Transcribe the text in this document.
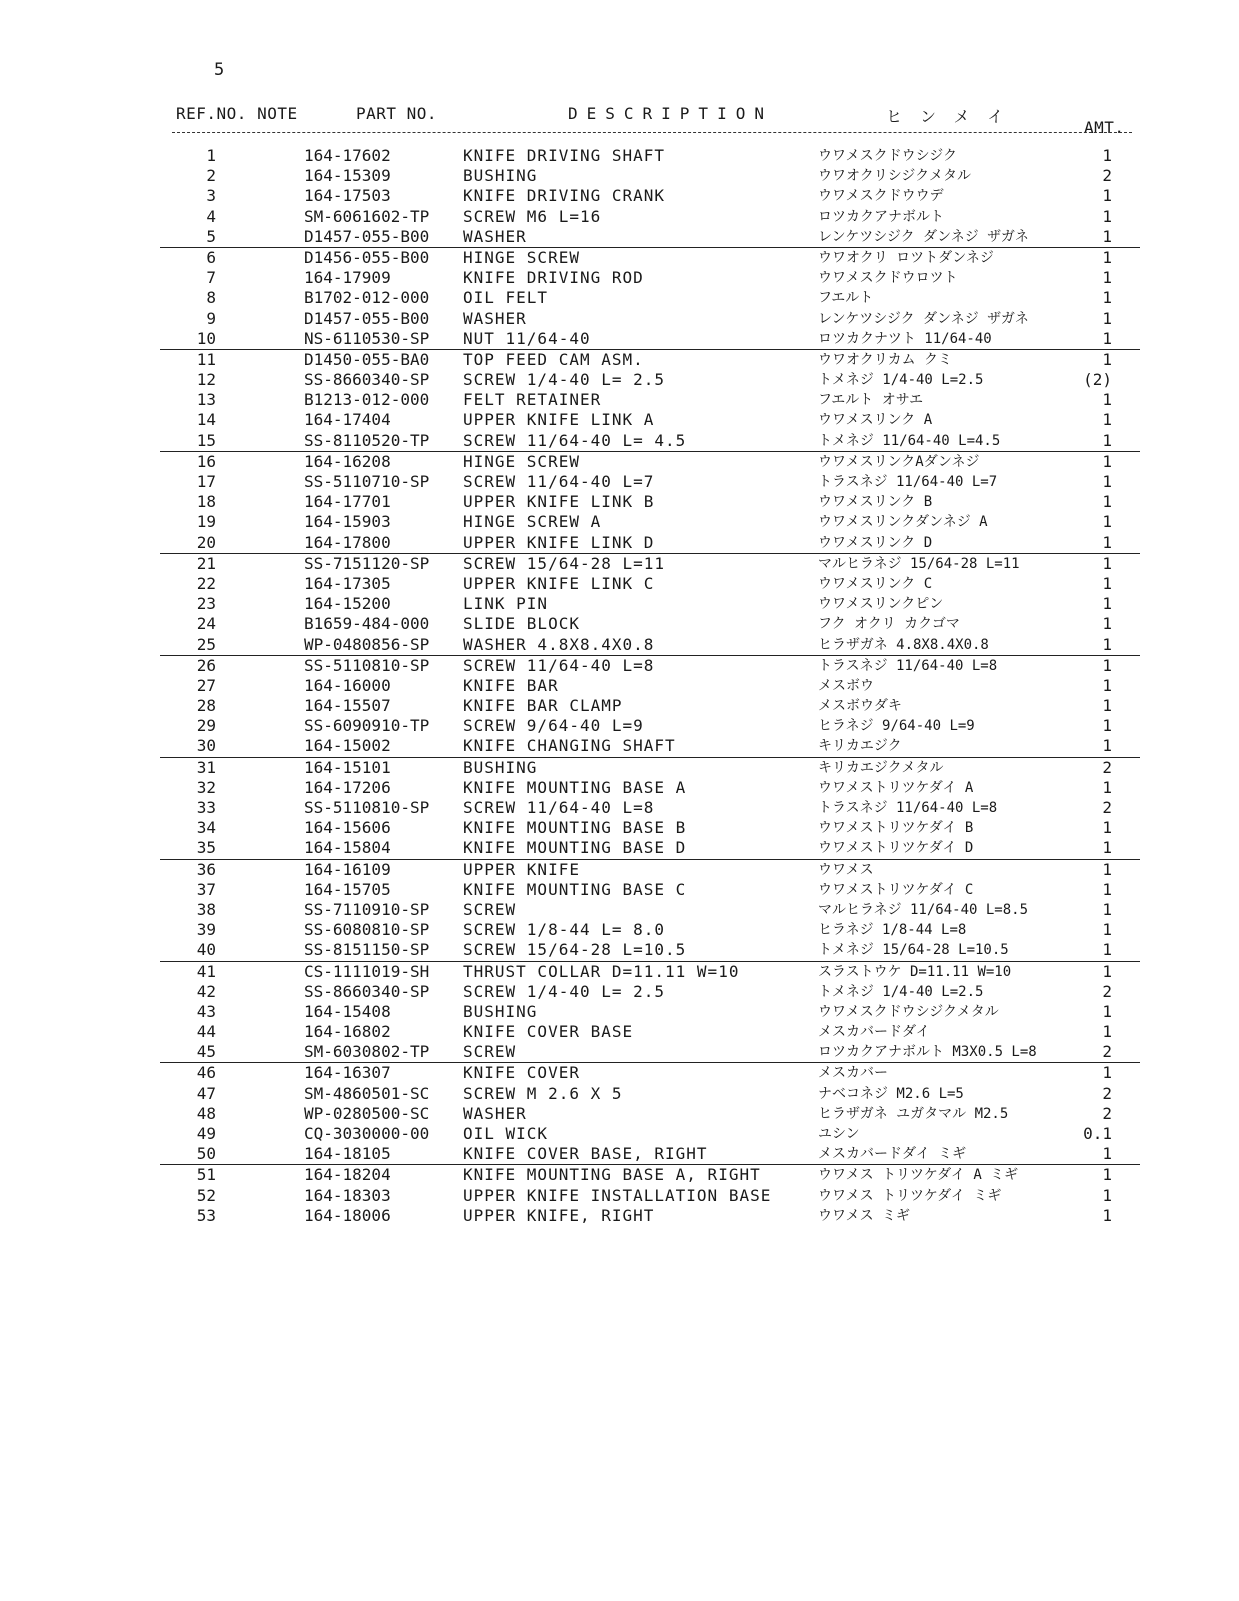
5
REF.NO. NOTE	PART NO.	DESCRIPTION	ヒンメイ
AMT.
1	164-17602	KNIFE DRIVING SHAFT	ウワメスクドウシジク	1
2	164-15309	BUSHING	ウワオクリシジクメタル	2
3	164-17503	KNIFE DRIVING CRANK	ウワメスクドウウデ	1
4	SM-6061602-TP SCREW M6 L=16	ロツカクアナボルト	1
5	D1457-055-B00 WASHER	レンケツシジク ダンネジ ザガネ	1
6	D1456-055-B00 HINGE SCREW	ウワオクリ ロツトダンネジ	1
7	164-17909	KNIFE DRIVING ROD	ウワメスクドウロツト	1
8	B1702-012-000 OIL FELT	フエルト	1
9	D1457-055-B00 WASHER	レンケツシジク ダンネジ ザガネ	1
10	NS-6110530-SP NUT 11/64-40	ロツカクナツト 11/64-40	1
11	D1450-055-BA0 TOP FEED CAM ASM.	ウワオクリカム クミ	1
12	SS-8660340-SP SCREW 1/4-40 L= 2.5	トメネジ 1/4-40 L=2.5	(2)
13	B1213-012-000 FELT RETAINER	フエルト オサエ	1
14	164-17404	UPPER KNIFE LINK A	ウワメスリンク A	1
15	SS-8110520-TP SCREW 11/64-40 L= 4.5	トメネジ 11/64-40 L=4.5	1
16	164-16208	HINGE SCREW	ウワメスリンクAダンネジ	1
17	SS-5110710-SP SCREW 11/64-40 L=7	トラスネジ 11/64-40 L=7	1
18	164-17701	UPPER KNIFE LINK B	ウワメスリンク B	1
19	164-15903	HINGE SCREW A	ウワメスリンクダンネジ A	1
20	164-17800	UPPER KNIFE LINK D	ウワメスリンク D	1
21	SS-7151120-SP SCREW 15/64-28 L=11	マルヒラネジ 15/64-28 L=11	1
22	164-17305	UPPER KNIFE LINK C	ウワメスリンク C	1
23	164-15200	LINK PIN	ウワメスリンクピン	1
24	B1659-484-000 SLIDE BLOCK	フク オクリ カクゴマ	1
25	WP-0480856-SP WASHER 4.8X8.4X0.8	ヒラザガネ 4.8X8.4X0.8	1
26	SS-5110810-SP SCREW 11/64-40 L=8	トラスネジ 11/64-40 L=8	1
27	164-16000	KNIFE BAR	メスボウ	1
28	164-15507	KNIFE BAR CLAMP	メスボウダキ	1
29	SS-6090910-TP SCREW 9/64-40 L=9	ヒラネジ 9/64-40 L=9	1
30	164-15002	KNIFE CHANGING SHAFT	キリカエジク	1
31	164-15101	BUSHING	キリカエジクメタル	2
32	164-17206	KNIFE MOUNTING BASE A	ウワメストリツケダイ A	1
33	SS-5110810-SP SCREW 11/64-40 L=8	トラスネジ 11/64-40 L=8	2
34	164-15606	KNIFE MOUNTING BASE B	ウワメストリツケダイ B	1
35	164-15804	KNIFE MOUNTING BASE D	ウワメストリツケダイ D	1
36	164-16109	UPPER KNIFE	ウワメス	1
37	164-15705	KNIFE MOUNTING BASE C	ウワメストリツケダイ C	1
38	SS-7110910-SP SCREW	マルヒラネジ 11/64-40 L=8.5	1
39	SS-6080810-SP SCREW 1/8-44 L= 8.0	ヒラネジ 1/8-44 L=8	1
40	SS-8151150-SP SCREW 15/64-28 L=10.5	トメネジ 15/64-28 L=10.5	1
41	CS-1111019-SH THRUST COLLAR D=11.11 W=10	スラストウケ D=11.11 W=10	1
42	SS-8660340-SP SCREW 1/4-40 L= 2.5	トメネジ 1/4-40 L=2.5	2
43	164-15408	BUSHING	ウワメスクドウシジクメタル	1
44	164-16802	KNIFE COVER BASE	メスカバードダイ	1
45	SM-6030802-TP SCREW	ロツカクアナボルト M3X0.5 L=8	2
46	164-16307	KNIFE COVER	メスカバー	1
47	SM-4860501-SC SCREW M 2.6 X 5	ナベコネジ M2.6 L=5	2
48	WP-0280500-SC WASHER	ヒラザガネ ユガタマル M2.5	2
49	CQ-3030000-00 OIL WICK	ユシン	0.1
50	164-18105	KNIFE COVER BASE, RIGHT	メスカバードダイ ミギ	1
51	164-18204	KNIFE MOUNTING BASE A, RIGHT	ウワメス トリツケダイ A ミギ	1
52	164-18303	UPPER KNIFE INSTALLATION BASE	ウワメス トリツケダイ ミギ	1
53	164-18006	UPPER KNIFE, RIGHT	ウワメス ミギ	1
